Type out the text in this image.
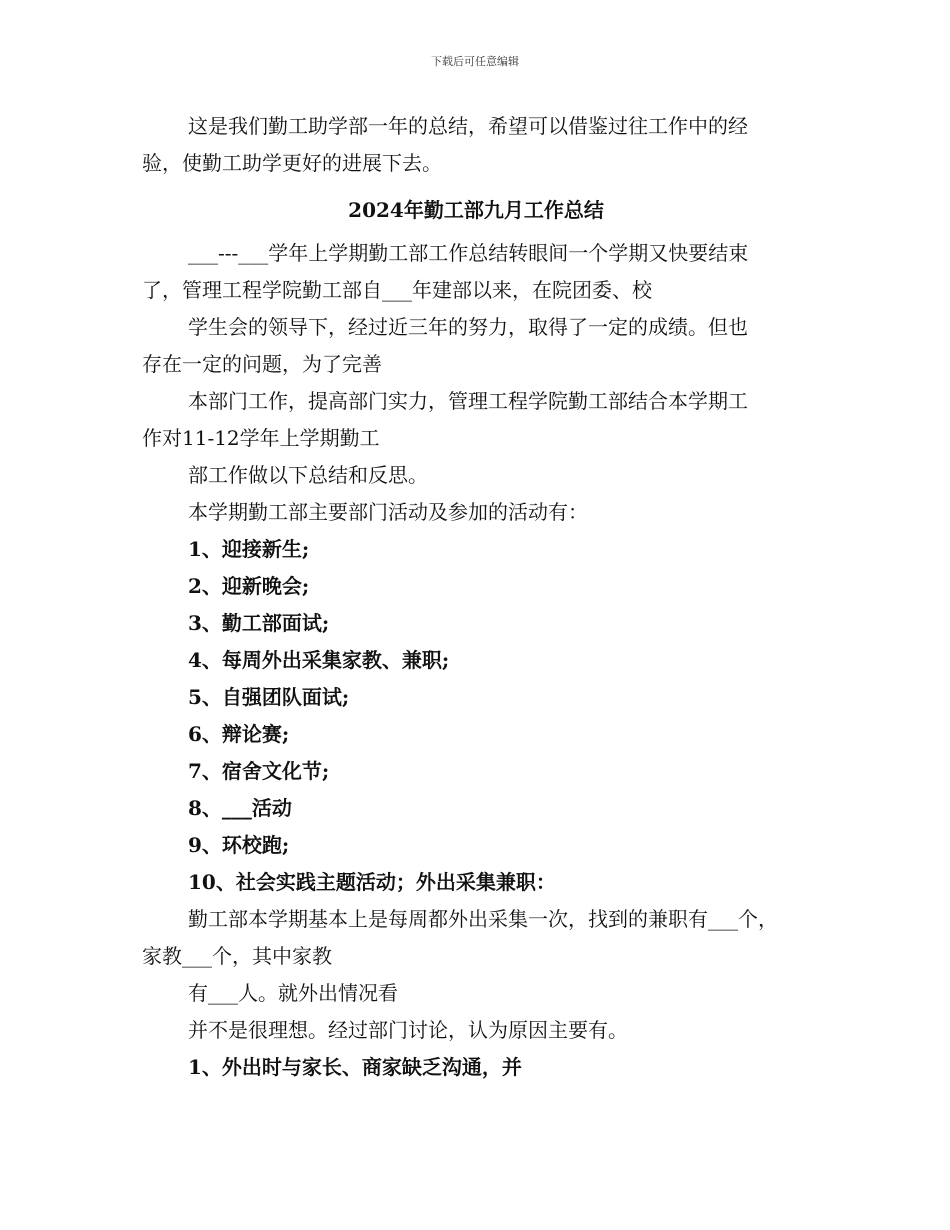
下载后可任意编辑
这是我们勤工助学部一年的总结，希望可以借鉴过往工作中的经
验，使勤工助学更好的进展下去。
2024年勤工部九月工作总结
___---___学年上学期勤工部工作总结转眼间一个学期又快要结束
了，管理工程学院勤工部自___年建部以来，在院团委、校
学生会的领导下，经过近三年的努力，取得了一定的成绩。但也
存在一定的问题，为了完善
本部门工作，提高部门实力，管理工程学院勤工部结合本学期工
作对11-12学年上学期勤工
部工作做以下总结和反思。
本学期勤工部主要部门活动及参加的活动有：
1、迎接新生;
2、迎新晚会;
3、勤工部面试;
4、每周外出采集家教、兼职;
5、自强团队面试;
6、辩论赛;
7、宿舍文化节;
8、___活动
9、环校跑;
10、社会实践主题活动；外出采集兼职：
勤工部本学期基本上是每周都外出采集一次，找到的兼职有___个，
家教___个，其中家教
有___人。就外出情况看
并不是很理想。经过部门讨论，认为原因主要有。
1、外出时与家长、商家缺乏沟通，并
